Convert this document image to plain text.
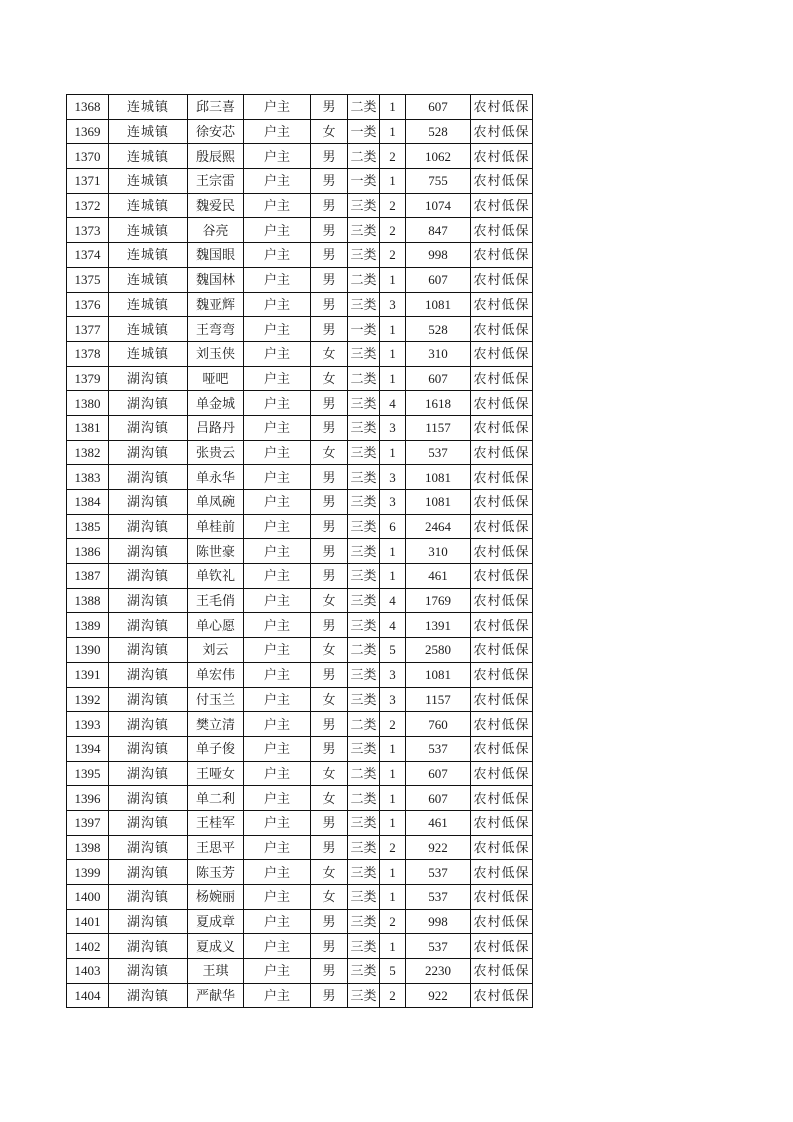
1368	连城镇	邱三喜	户主	男	二类	1	607	农村低保
1369	连城镇	徐安芯	户主	女	一类	1	528	农村低保
1370	连城镇	殷辰熙	户主	男	二类	2	1062	农村低保
1371	连城镇	王宗雷	户主	男	一类	1	755	农村低保
1372	连城镇	魏爱民	户主	男	三类	2	1074	农村低保
1373	连城镇	谷亮	户主	男	三类	2	847	农村低保
1374	连城镇	魏国眼	户主	男	三类	2	998	农村低保
1375	连城镇	魏国林	户主	男	二类	1	607	农村低保
1376	连城镇	魏亚辉	户主	男	三类	3	1081	农村低保
1377	连城镇	王弯弯	户主	男	一类	1	528	农村低保
1378	连城镇	刘玉侠	户主	女	三类	1	310	农村低保
1379	湖沟镇	哑吧	户主	女	二类	1	607	农村低保
1380	湖沟镇	单金城	户主	男	三类	4	1618	农村低保
1381	湖沟镇	吕路丹	户主	男	三类	3	1157	农村低保
1382	湖沟镇	张贵云	户主	女	三类	1	537	农村低保
1383	湖沟镇	单永华	户主	男	三类	3	1081	农村低保
1384	湖沟镇	单凤碗	户主	男	三类	3	1081	农村低保
1385	湖沟镇	单桂前	户主	男	三类	6	2464	农村低保
1386	湖沟镇	陈世豪	户主	男	三类	1	310	农村低保
1387	湖沟镇	单钦礼	户主	男	三类	1	461	农村低保
1388	湖沟镇	王毛俏	户主	女	三类	4	1769	农村低保
1389	湖沟镇	单心愿	户主	男	三类	4	1391	农村低保
1390	湖沟镇	刘云	户主	女	二类	5	2580	农村低保
1391	湖沟镇	单宏伟	户主	男	三类	3	1081	农村低保
1392	湖沟镇	付玉兰	户主	女	三类	3	1157	农村低保
1393	湖沟镇	樊立清	户主	男	二类	2	760	农村低保
1394	湖沟镇	单子俊	户主	男	三类	1	537	农村低保
1395	湖沟镇	王哑女	户主	女	二类	1	607	农村低保
1396	湖沟镇	单二利	户主	女	二类	1	607	农村低保
1397	湖沟镇	王桂军	户主	男	三类	1	461	农村低保
1398	湖沟镇	王思平	户主	男	三类	2	922	农村低保
1399	湖沟镇	陈玉芳	户主	女	三类	1	537	农村低保
1400	湖沟镇	杨婉丽	户主	女	三类	1	537	农村低保
1401	湖沟镇	夏成章	户主	男	三类	2	998	农村低保
1402	湖沟镇	夏成义	户主	男	三类	1	537	农村低保
1403	湖沟镇	王琪	户主	男	三类	5	2230	农村低保
1404	湖沟镇	严献华	户主	男	三类	2	922	农村低保
